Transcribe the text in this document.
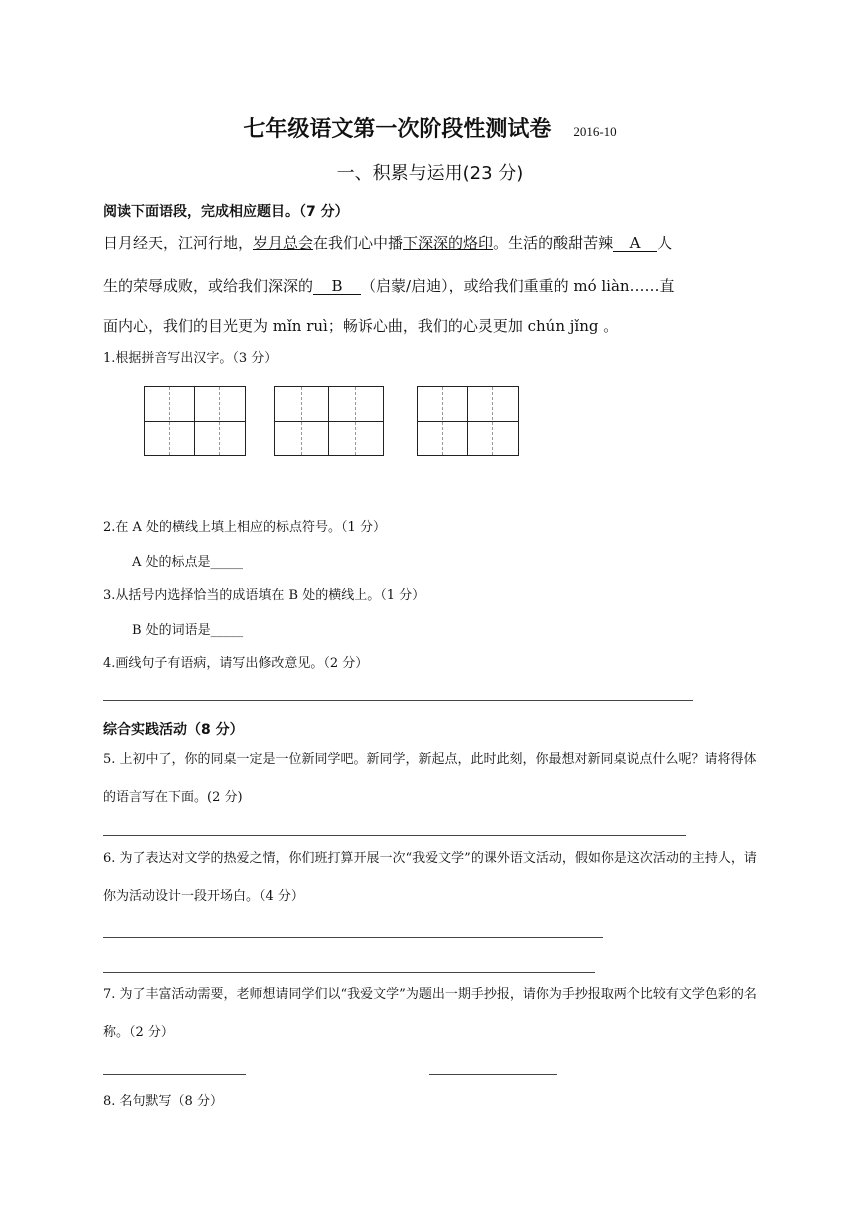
七年级语文第一次阶段性测试卷 2016-10
一、积累与运用(23 分)
阅读下面语段，完成相应题目。（7 分）
日月经天，江河行地，岁月总会在我们心中播下深深的烙印。生活的酸甜苦辣 A 人
生的荣辱成败，或给我们深深的 B （启蒙/启迪），或给我们重重的 mó liàn……直
面内心，我们的目光更为 mǐn ruì；畅诉心曲，我们的心灵更加 chún jǐng 。
1.根据拼音写出汉字。（3 分）
2.在 A 处的横线上填上相应的标点符号。（1 分）
A 处的标点是_____
3.从括号内选择恰当的成语填在 B 处的横线上。（1 分）
B 处的词语是_____
4.画线句子有语病，请写出修改意见。（2 分）
综合实践活动（8 分）
5. 上初中了，你的同桌一定是一位新同学吧。新同学，新起点，此时此刻，你最想对新同桌说点什么呢？请将得体的语言写在下面。(2 分)
6. 为了表达对文学的热爱之情，你们班打算开展一次“我爱文学”的课外语文活动，假如你是这次活动的主持人，请你为活动设计一段开场白。（4 分）
7. 为了丰富活动需要，老师想请同学们以“我爱文学”为题出一期手抄报，请你为手抄报取两个比较有文学色彩的名称。（2 分）
8. 名句默写（8 分）
